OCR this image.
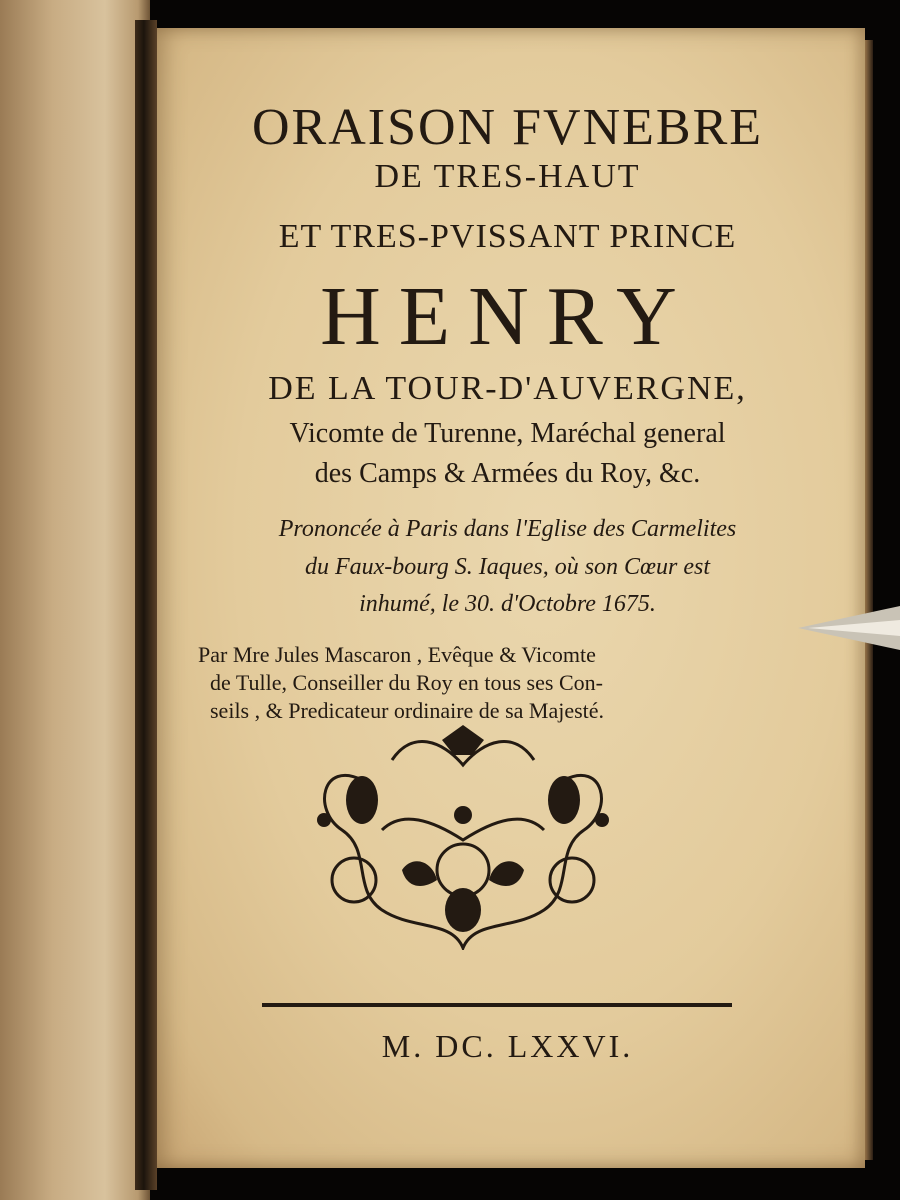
ORAISON FVNEBRE
DE TRES-HAUT
ET TRES-PVISSANT PRINCE
HENRY
DE LA TOUR-D'AUVERGNE,
Vicomte de Turenne, Maréchal general
des Camps & Armées du Roy, &c.
Prononcée à Paris dans l'Eglise des Carmelites
du Faux-bourg S. Iaques, où son Cœur est
inhumé, le 30. d'Octobre 1675.
Par Mre Jules Mascaron , Evêque & Vicomte
de Tulle, Conseiller du Roy en tous ses Con-
seils , & Predicateur ordinaire de sa Majesté.
M. DC. LXXVI.
